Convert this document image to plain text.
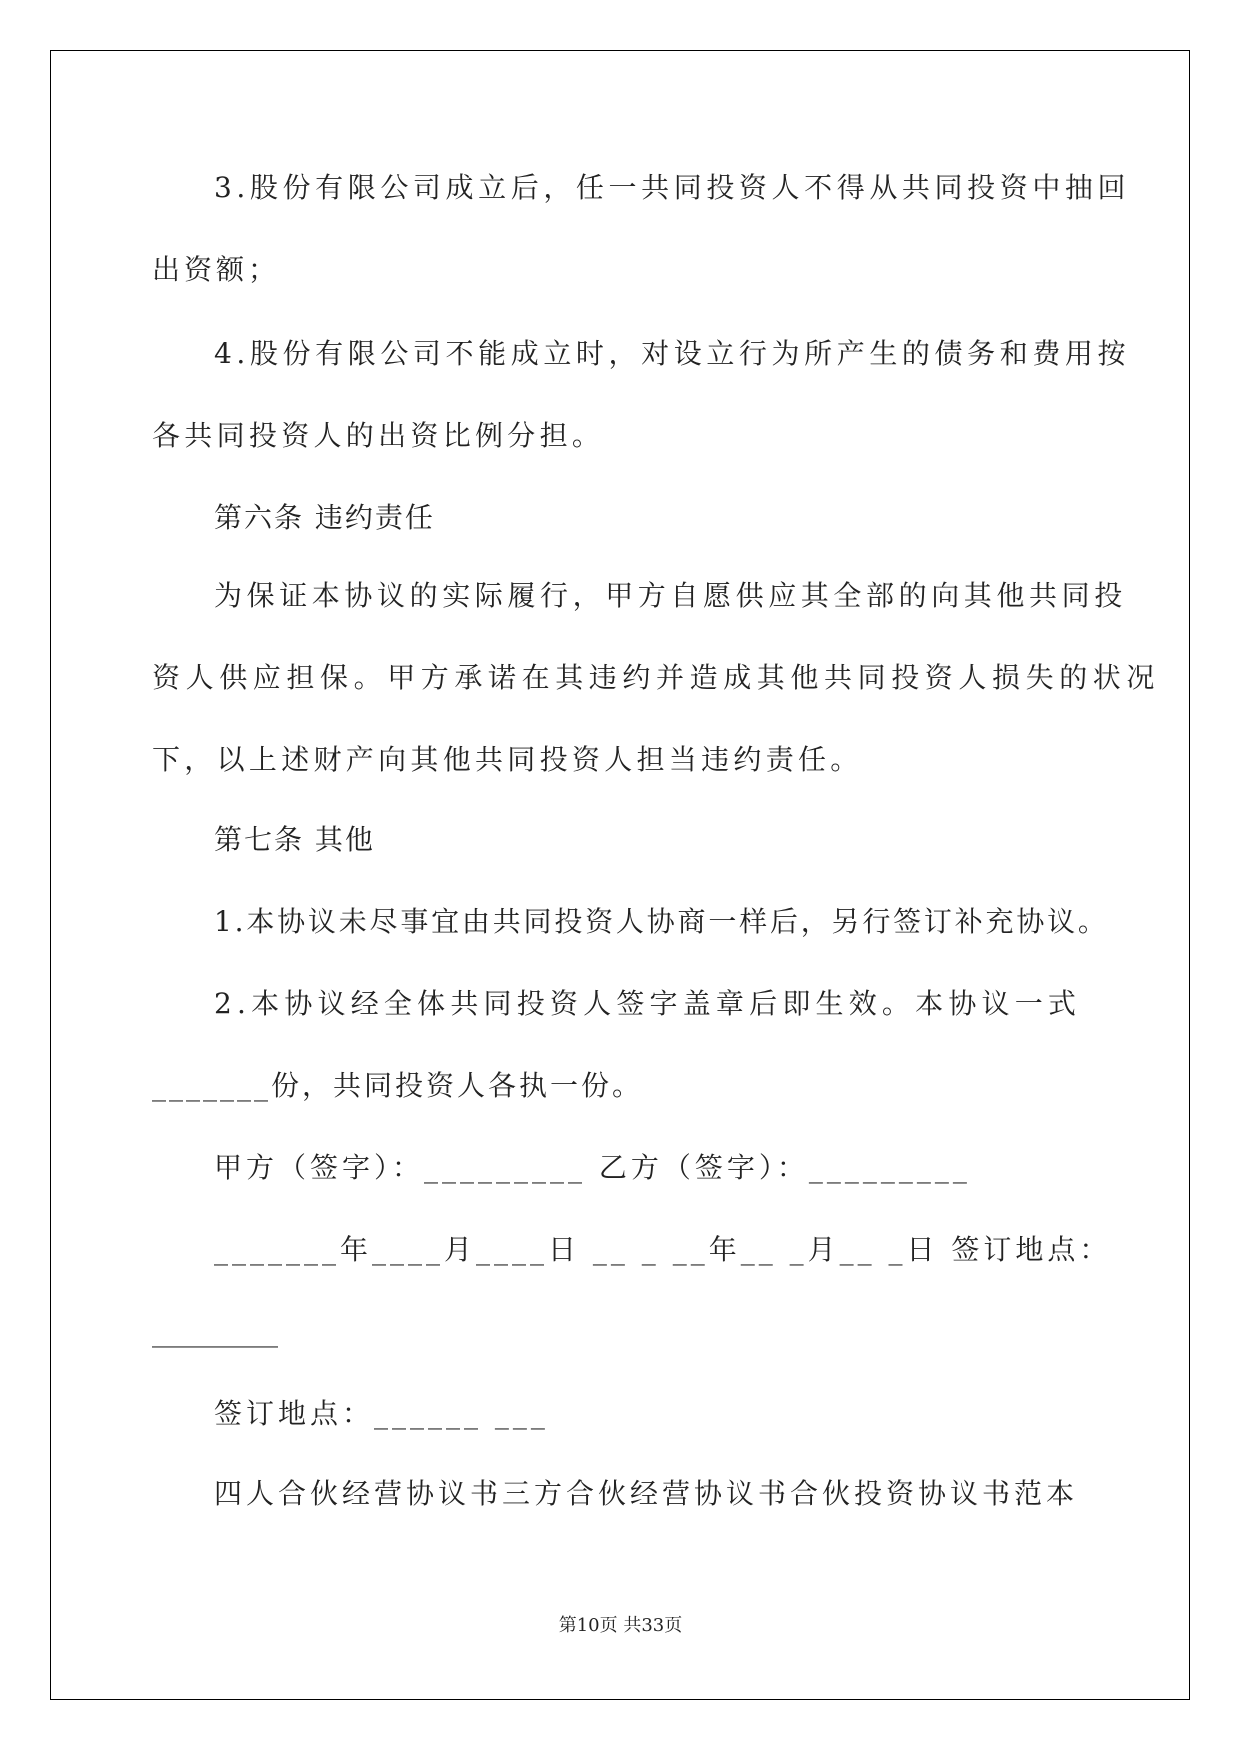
3.股份有限公司成立后，任一共同投资人不得从共同投资中抽回

出资额；

4.股份有限公司不能成立时，对设立行为所产生的债务和费用按

各共同投资人的出资比例分担。

第六条 违约责任

为保证本协议的实际履行，甲方自愿供应其全部的向其他共同投

资人供应担保。甲方承诺在其违约并造成其他共同投资人损失的状况

下，以上述财产向其他共同投资人担当违约责任。

第七条 其他

1.本协议未尽事宜由共同投资人协商一样后，另行签订补充协议。

2.本协议经全体共同投资人签字盖章后即生效。本协议一式

_______份，共同投资人各执一份。

甲方（签字）：_________ 乙方（签字）：_________

_______年____月____日 __ _ __年__ _月__ _日 签订地点：

_________

签订地点：______ ___

四人合伙经营协议书三方合伙经营协议书合伙投资协议书范本

第10页 共33页
